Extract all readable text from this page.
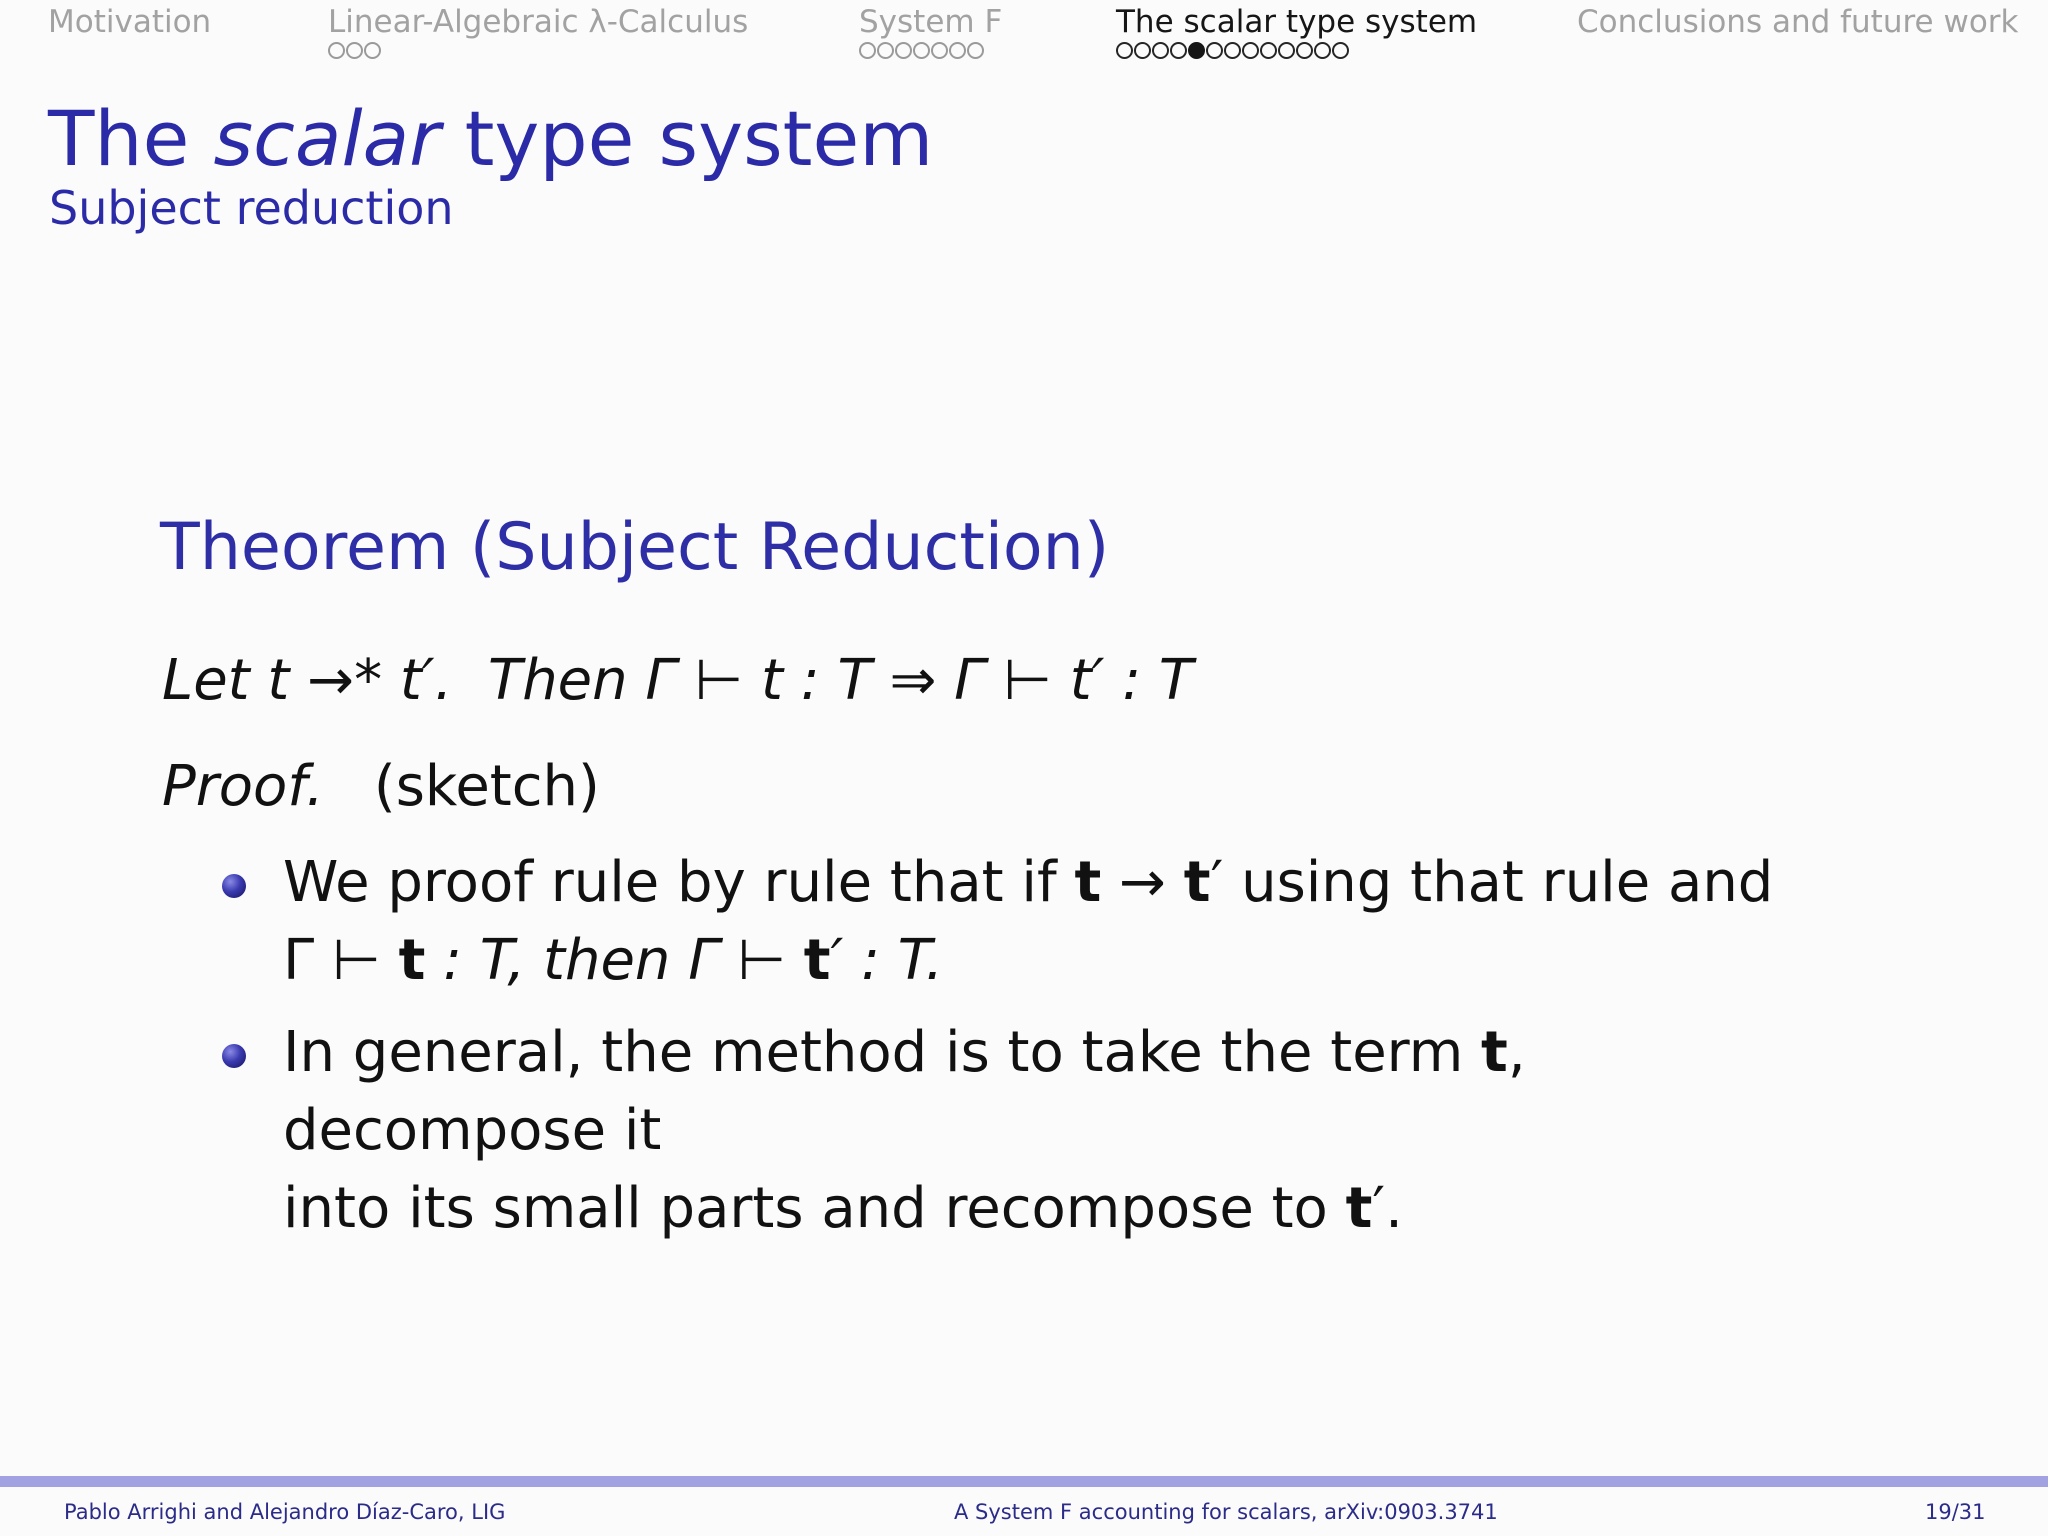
Motivation	Linear-Algebraic λ-Calculus	System F	The scalar type system	Conclusions and future work
The scalar type system
Subject reduction
Theorem (Subject Reduction)
Let t →* t′. Then Γ ⊢ t : T ⇒ Γ ⊢ t′ : T
Proof. (sketch)
We proof rule by rule that if t → t′ using that rule and
Γ ⊢ t : T, then Γ ⊢ t′ : T.
In general, the method is to take the term t, decompose it
into its small parts and recompose to t′.
Pablo Arrighi and Alejandro Díaz-Caro, LIG	A System F accounting for scalars, arXiv:0903.3741	19/31
